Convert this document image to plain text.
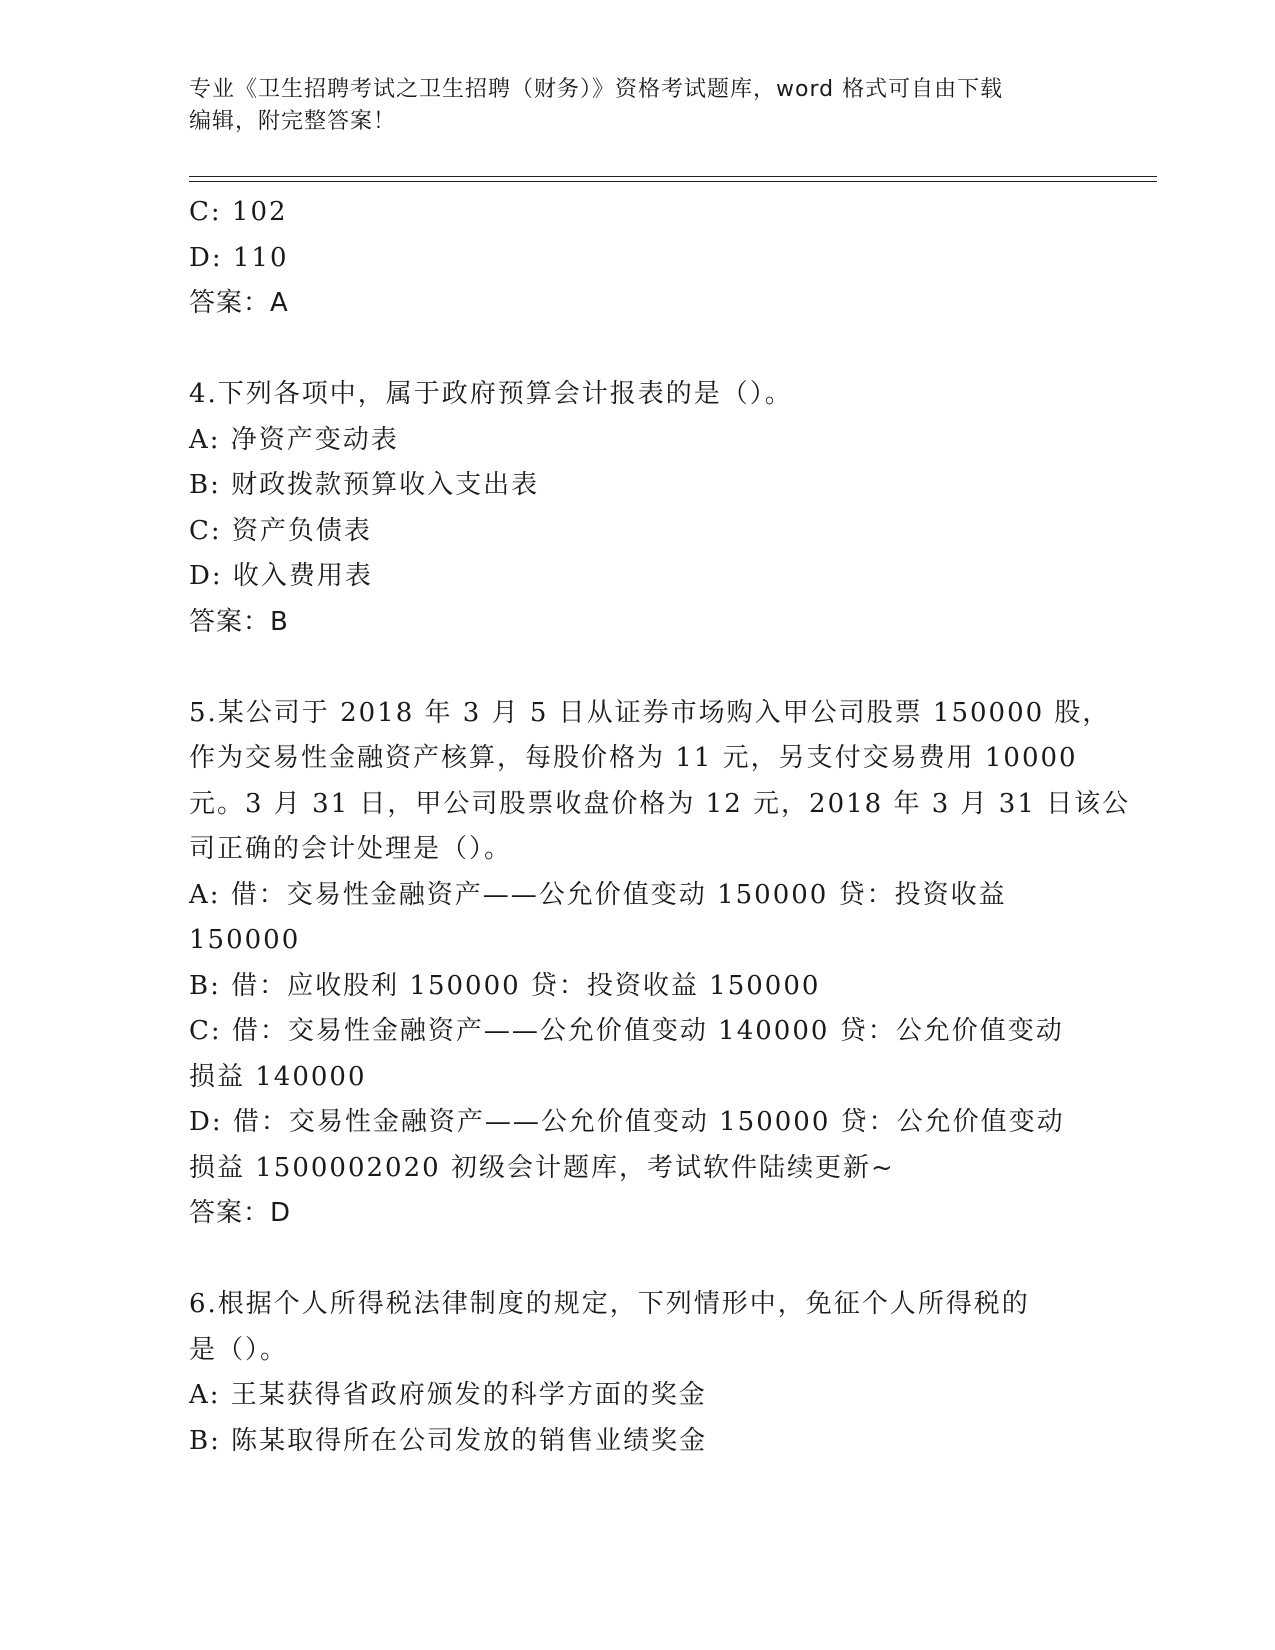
专业《卫生招聘考试之卫生招聘（财务）》资格考试题库，word 格式可自由下载
编辑，附完整答案！
C: 102
D: 110
答案：A
4.下列各项中，属于政府预算会计报表的是（）。
A: 净资产变动表
B: 财政拨款预算收入支出表
C: 资产负债表
D: 收入费用表
答案：B
5.某公司于 2018 年 3 月 5 日从证券市场购入甲公司股票 150000 股，
作为交易性金融资产核算，每股价格为 11 元，另支付交易费用 10000
元。3 月 31 日，甲公司股票收盘价格为 12 元，2018 年 3 月 31 日该公
司正确的会计处理是（）。
A: 借：交易性金融资产——公允价值变动 150000 贷：投资收益
150000
B: 借：应收股利 150000 贷：投资收益 150000
C: 借：交易性金融资产——公允价值变动 140000 贷：公允价值变动
损益 140000
D: 借：交易性金融资产——公允价值变动 150000 贷：公允价值变动
损益 1500002020 初级会计题库，考试软件陆续更新~
答案：D
6.根据个人所得税法律制度的规定，下列情形中，免征个人所得税的
是（）。
A: 王某获得省政府颁发的科学方面的奖金
B: 陈某取得所在公司发放的销售业绩奖金
